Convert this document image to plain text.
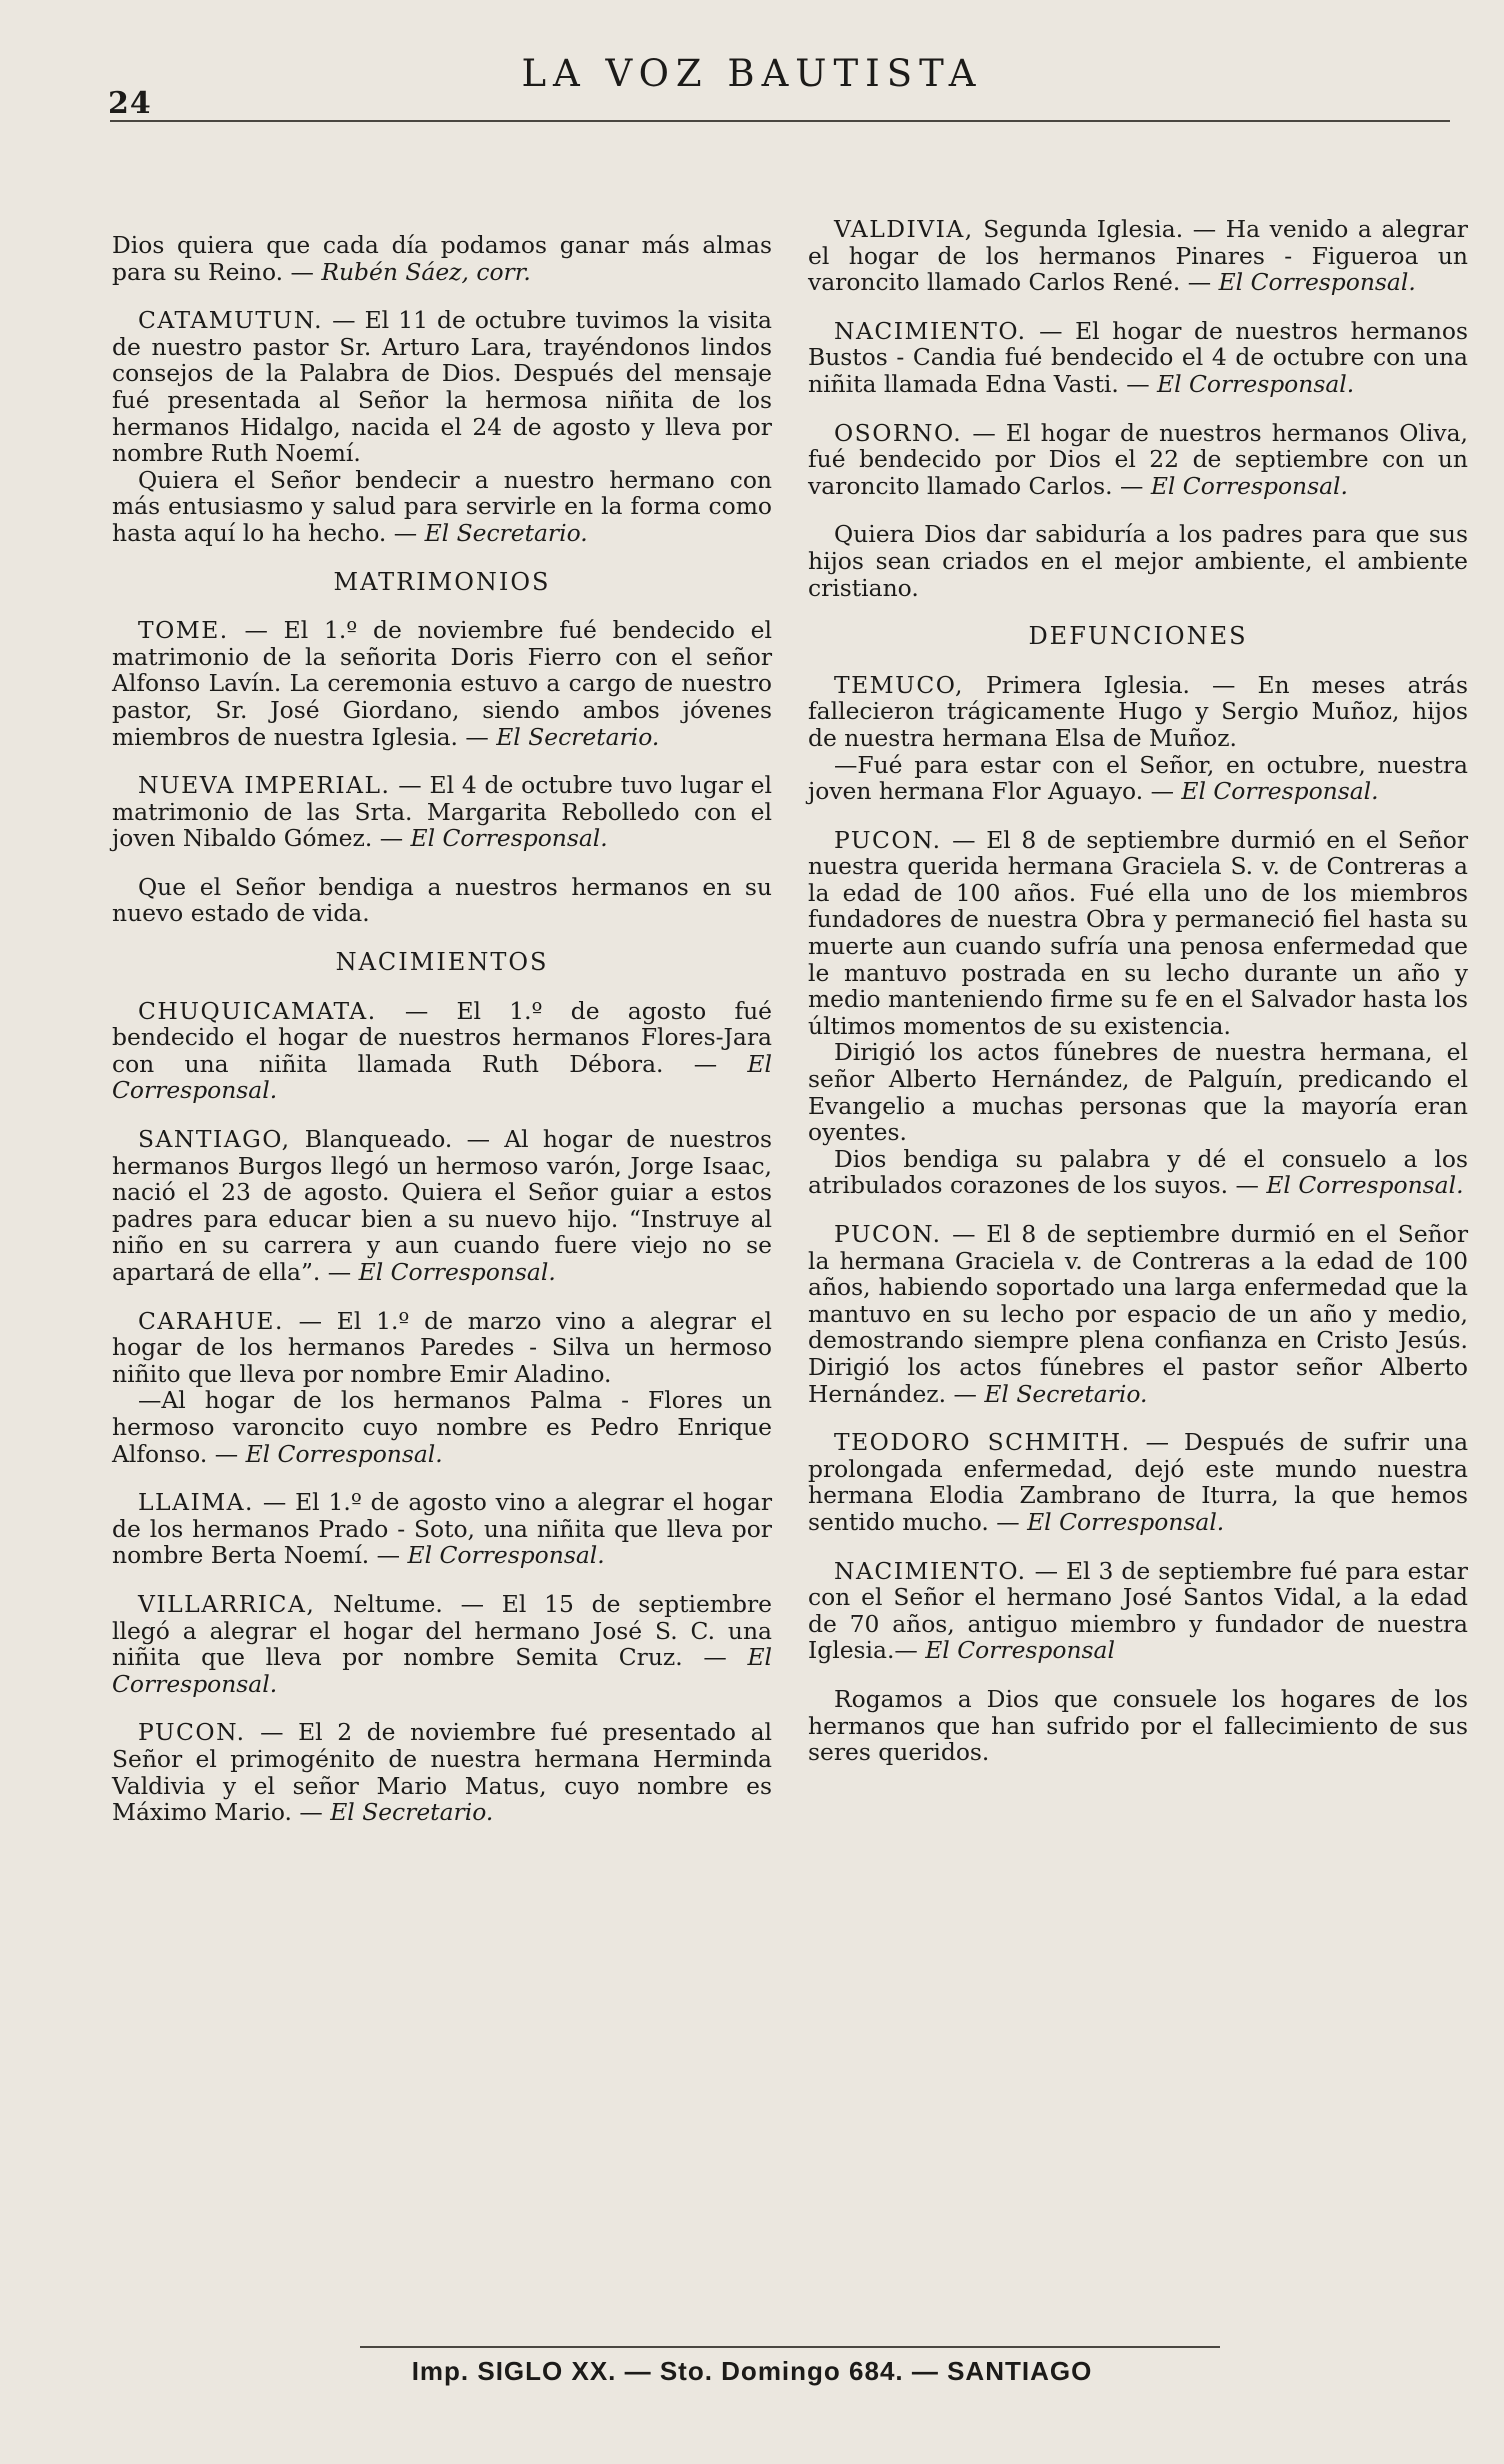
24
LA VOZ BAUTISTA

Dios quiera que cada día podamos ganar más almas para su Reino. — Rubén Sáez, corr.

CATAMUTUN. — El 11 de octubre tuvimos la visita de nuestro pastor Sr. Arturo Lara, trayéndonos lindos consejos de la Palabra de Dios. Después del mensaje fué presentada al Señor la hermosa niñita de los hermanos Hidalgo, nacida el 24 de agosto y lleva por nombre Ruth Noemí.

Quiera el Señor bendecir a nuestro hermano con más entusiasmo y salud para servirle en la forma como hasta aquí lo ha hecho. — El Secretario.

MATRIMONIOS

TOME. — El 1.º de noviembre fué bendecido el matrimonio de la señorita Doris Fierro con el señor Alfonso Lavín. La ceremonia estuvo a cargo de nuestro pastor, Sr. José Giordano, siendo ambos jóvenes miembros de nuestra Iglesia. — El Secretario.

NUEVA IMPERIAL. — El 4 de octubre tuvo lugar el matrimonio de las Srta. Margarita Rebolledo con el joven Nibaldo Gómez. — El Corresponsal.

Que el Señor bendiga a nuestros hermanos en su nuevo estado de vida.

NACIMIENTOS

CHUQUICAMATA. — El 1.º de agosto fué bendecido el hogar de nuestros hermanos Flores-Jara con una niñita llamada Ruth Débora. — El Corresponsal.

SANTIAGO, Blanqueado. — Al hogar de nuestros hermanos Burgos llegó un hermoso varón, Jorge Isaac, nació el 23 de agosto. Quiera el Señor guiar a estos padres para educar bien a su nuevo hijo. “Instruye al niño en su carrera y aun cuando fuere viejo no se apartará de ella”. — El Corresponsal.

CARAHUE. — El 1.º de marzo vino a alegrar el hogar de los hermanos Paredes - Silva un hermoso niñito que lleva por nombre Emir Aladino.

—Al hogar de los hermanos Palma - Flores un hermoso varoncito cuyo nombre es Pedro Enrique Alfonso. — El Corresponsal.

LLAIMA. — El 1.º de agosto vino a alegrar el hogar de los hermanos Prado - Soto, una niñita que lleva por nombre Berta Noemí. — El Corresponsal.

VILLARRICA, Neltume. — El 15 de septiembre llegó a alegrar el hogar del hermano José S. C. una niñita que lleva por nombre Semita Cruz. — El Corresponsal.

PUCON. — El 2 de noviembre fué presentado al Señor el primogénito de nuestra hermana Herminda Valdivia y el señor Mario Matus, cuyo nombre es Máximo Mario. — El Secretario.

VALDIVIA, Segunda Iglesia. — Ha venido a alegrar el hogar de los hermanos Pinares - Figueroa un varoncito llamado Carlos René. — El Corresponsal.

NACIMIENTO. — El hogar de nuestros hermanos Bustos - Candia fué bendecido el 4 de octubre con una niñita llamada Edna Vasti. — El Corresponsal.

OSORNO. — El hogar de nuestros hermanos Oliva, fué bendecido por Dios el 22 de septiembre con un varoncito llamado Carlos. — El Corresponsal.

Quiera Dios dar sabiduría a los padres para que sus hijos sean criados en el mejor ambiente, el ambiente cristiano.

DEFUNCIONES

TEMUCO, Primera Iglesia. — En meses atrás fallecieron trágicamente Hugo y Sergio Muñoz, hijos de nuestra hermana Elsa de Muñoz.

—Fué para estar con el Señor, en octubre, nuestra joven hermana Flor Aguayo. — El Corresponsal.

PUCON. — El 8 de septiembre durmió en el Señor nuestra querida hermana Graciela S. v. de Contreras a la edad de 100 años. Fué ella uno de los miembros fundadores de nuestra Obra y permaneció fiel hasta su muerte aun cuando sufría una penosa enfermedad que le mantuvo postrada en su lecho durante un año y medio manteniendo firme su fe en el Salvador hasta los últimos momentos de su existencia.

Dirigió los actos fúnebres de nuestra hermana, el señor Alberto Hernández, de Palguín, predicando el Evangelio a muchas personas que la mayoría eran oyentes.

Dios bendiga su palabra y dé el consuelo a los atribulados corazones de los suyos. — El Corresponsal.

PUCON. — El 8 de septiembre durmió en el Señor la hermana Graciela v. de Contreras a la edad de 100 años, habiendo soportado una larga enfermedad que la mantuvo en su lecho por espacio de un año y medio, demostrando siempre plena confianza en Cristo Jesús. Dirigió los actos fúnebres el pastor señor Alberto Hernández. — El Secretario.

TEODORO SCHMITH. — Después de sufrir una prolongada enfermedad, dejó este mundo nuestra hermana Elodia Zambrano de Iturra, la que hemos sentido mucho. — El Corresponsal.

NACIMIENTO. — El 3 de septiembre fué para estar con el Señor el hermano José Santos Vidal, a la edad de 70 años, antiguo miembro y fundador de nuestra Iglesia.— El Corresponsal

Rogamos a Dios que consuele los hogares de los hermanos que han sufrido por el fallecimiento de sus seres queridos.

Imp. SIGLO XX. — Sto. Domingo 684. — SANTIAGO
